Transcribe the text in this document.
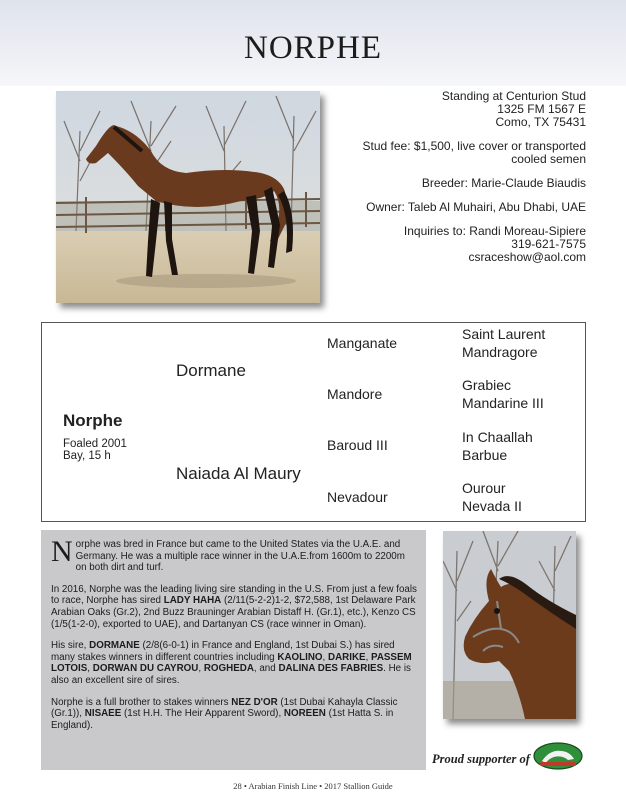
NORPHE

Standing at Centurion Stud
1325 FM 1567 E
Como, TX 75431

Stud fee: $1,500, live cover or transported
cooled semen

Breeder: Marie-Claude Biaudis

Owner: Taleb Al Muhairi, Abu Dhabi, UAE

Inquiries to: Randi Moreau-Sipiere
319-621-7575
csraceshow@aol.com

Norphe
Foaled 2001
Bay, 15 h
Dormane
Naiada Al Maury
Manganate
Mandore
Baroud III
Nevadour
Saint Laurent
Mandragore
Grabiec
Mandarine III
In Chaallah
Barbue
Ourour
Nevada II

Norphe was bred in France but came to the United States via the U.A.E. and Germany. He was a multiple race winner in the U.A.E.from 1600m to 2200m on both dirt and turf.

In 2016, Norphe was the leading living sire standing in the U.S. From just a few foals to race, Norphe has sired LADY HAHA (2/11(5-2-2)1-2, $72,588, 1st Delaware Park Arabian Oaks (Gr.2), 2nd Buzz Brauninger Arabian Distaff H. (Gr.1), etc.), Kenzo CS (1/5(1-2-0), exported to UAE), and Dartanyan CS (race winner in Oman).

His sire, DORMANE (2/8(6-0-1) in France and England, 1st Dubai S.) has sired many stakes winners in different countries including KAOLINO, DARIKE, PASSEM LOTOIS, DORWAN DU CAYROU, ROGHEDA, and DALINA DES FABRIES. He is also an excellent sire of sires.

Norphe is a full brother to stakes winners NEZ D'OR (1st Dubai Kahayla Classic (Gr.1)), NISAEE (1st H.H. The Heir Apparent Sword), NOREEN (1st Hatta S. in England).

Proud supporter of
28 • Arabian Finish Line • 2017 Stallion Guide
